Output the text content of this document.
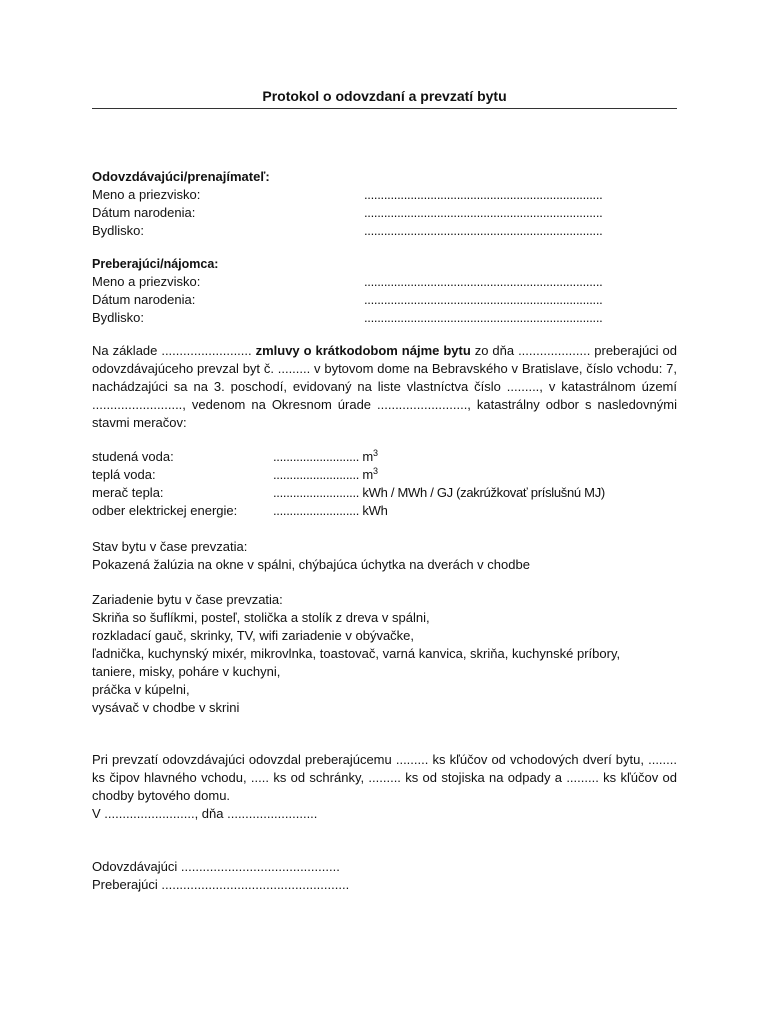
Protokol o odovzdaní a prevzatí bytu
Odovzdávajúci/prenajímateľ:
Meno a priezvisko:	........................................................................
Dátum narodenia:	........................................................................
Bydlisko:	........................................................................
Preberajúci/nájomca:
Meno a priezvisko:	........................................................................
Dátum narodenia:	........................................................................
Bydlisko:	........................................................................
Na základe ......................... zmluvy o krátkodobom nájme bytu zo dňa .................... preberajúci od odovzdávajúceho prevzal byt č. ......... v bytovom dome na Bebravského v Bratislave, číslo vchodu: 7, nachádzajúci sa na 3. poschodí, evidovaný na liste vlastníctva číslo ........., v katastrálnom území ........................., vedenom na Okresnom úrade ........................., katastrálny odbor s nasledovnými stavmi meračov:
studená voda:	.......................... $m^3$
teplá voda:	.......................... $m^3$
merač tepla:	.......................... kWh / MWh / GJ (zakrúžkovať príslušnú MJ)
odber elektrickej energie:	.......................... kWh
Stav bytu v čase prevzatia:
Pokazená žalúzia na okne v spálni, chýbajúca úchytka na dverách v chodbe
Zariadenie bytu v čase prevzatia:
Skriňa so šuflíkmi, posteľ, stolička a stolík z dreva v spálni,
rozkladací gauč, skrinky, TV, wifi zariadenie v obývačke,
ľadnička, kuchynský mixér, mikrovlnka, toastovač, varná kanvica, skriňa, kuchynské príbory,
taniere, misky, poháre v kuchyni,
práčka v kúpelni,
vysávač v chodbe v skrini
Pri prevzatí odovzdávajúci odovzdal preberajúcemu ......... ks kľúčov od vchodových dverí bytu, ........ ks čipov hlavného vchodu, ..... ks od schránky, ......... ks od stojiska na odpady a ......... ks kľúčov od chodby bytového domu.
V ........................., dňa .........................
Odovzdávajúci ............................................
Preberajúci ....................................................
